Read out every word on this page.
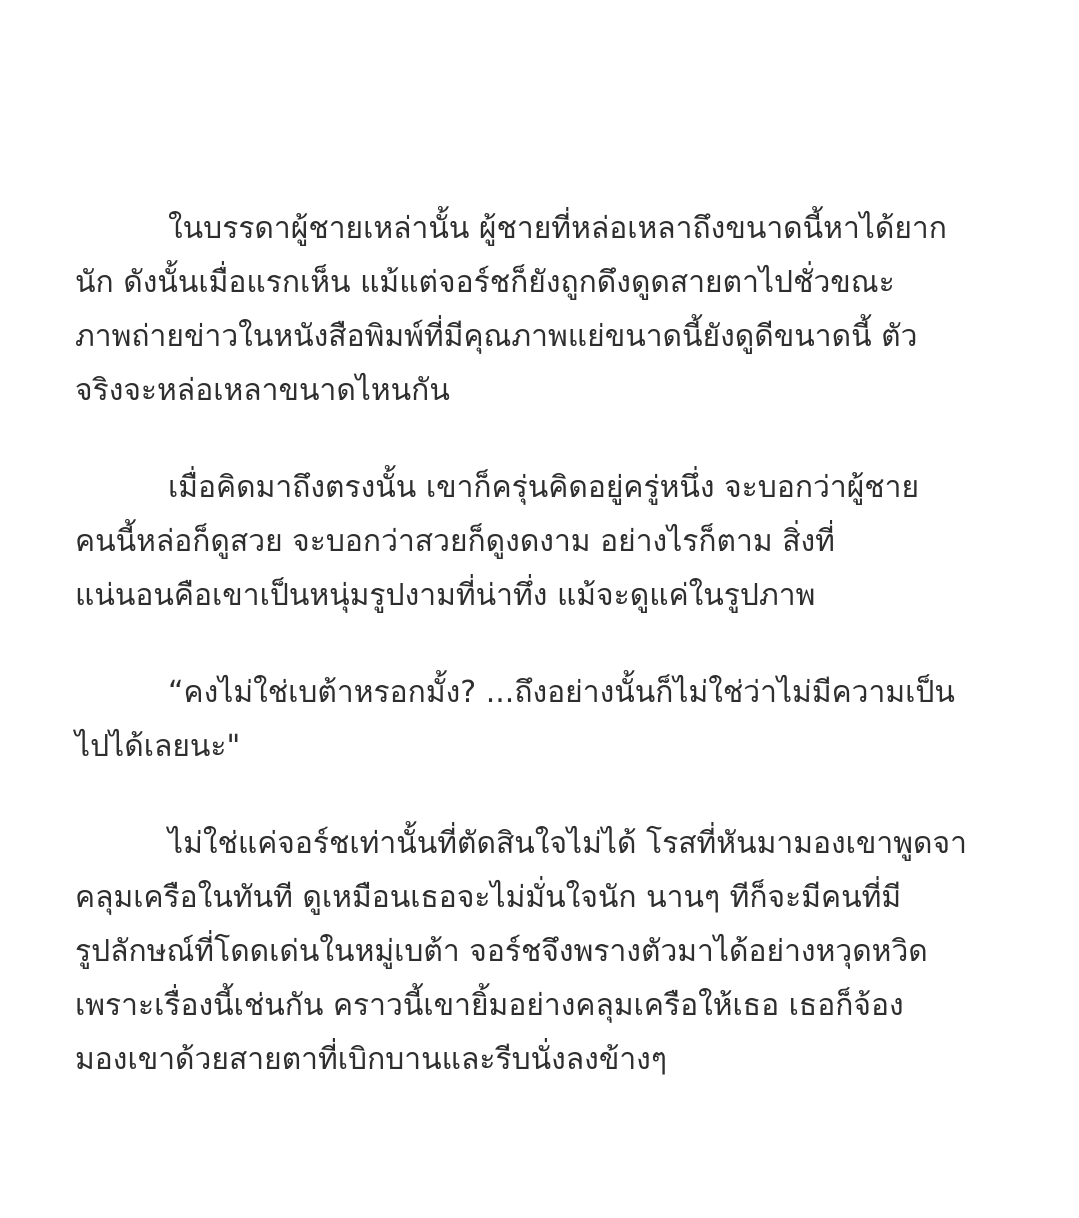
ในบรรดาผู้ชายเหล่านั้น ผู้ชายที่หล่อเหลาถึงขนาดนี้หาได้ยาก
นัก ดังนั้นเมื่อแรกเห็น แม้แต่จอร์ชก็ยังถูกดึงดูดสายตาไปชั่วขณะ
ภาพถ่ายข่าวในหนังสือพิมพ์ที่มีคุณภาพแย่ขนาดนี้ยังดูดีขนาดนี้ ตัว
จริงจะหล่อเหลาขนาดไหนกัน

เมื่อคิดมาถึงตรงนั้น เขาก็ครุ่นคิดอยู่ครู่หนึ่ง จะบอกว่าผู้ชาย
คนนี้หล่อก็ดูสวย จะบอกว่าสวยก็ดูงดงาม อย่างไรก็ตาม สิ่งที่
แน่นอนคือเขาเป็นหนุ่มรูปงามที่น่าทึ่ง แม้จะดูแค่ในรูปภาพ

“คงไม่ใช่เบต้าหรอกมั้ง? ...ถึงอย่างนั้นก็ไม่ใช่ว่าไม่มีความเป็น
ไปได้เลยนะ"

ไม่ใช่แค่จอร์ชเท่านั้นที่ตัดสินใจไม่ได้ โรสที่หันมามองเขาพูดจา
คลุมเครือในทันที ดูเหมือนเธอจะไม่มั่นใจนัก นานๆ ทีก็จะมีคนที่มี
รูปลักษณ์ที่โดดเด่นในหมู่เบต้า จอร์ชจึงพรางตัวมาได้อย่างหวุดหวิด
เพราะเรื่องนี้เช่นกัน คราวนี้เขายิ้มอย่างคลุมเครือให้เธอ เธอก็จ้อง
มองเขาด้วยสายตาที่เบิกบานและรีบนั่งลงข้างๆ
